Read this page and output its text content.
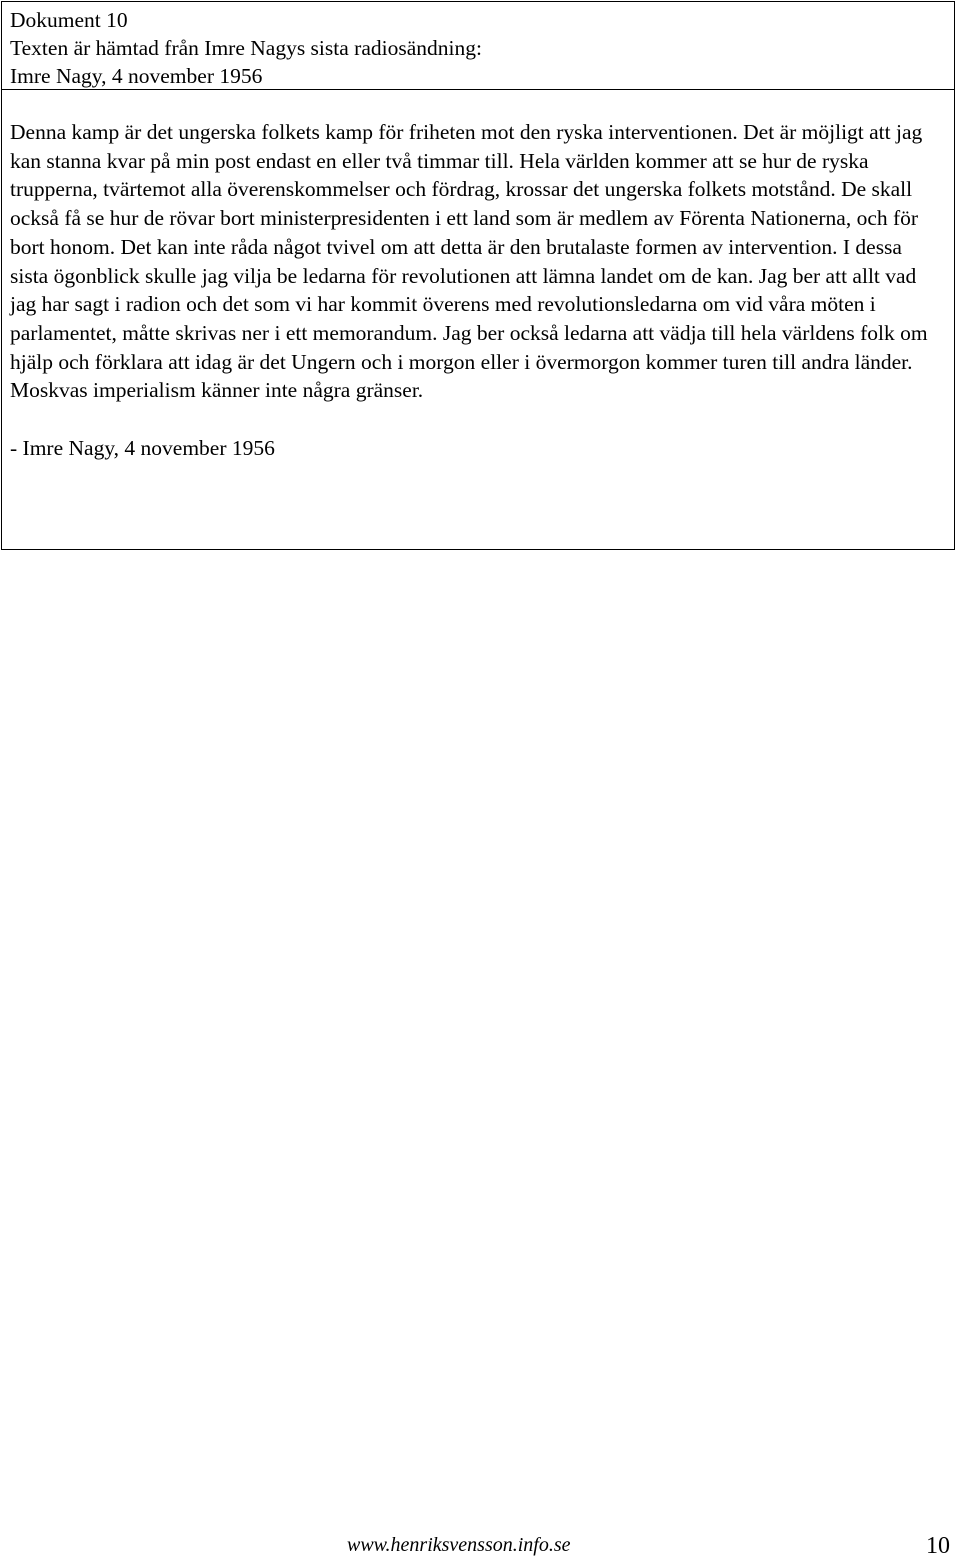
Dokument 10
Texten är hämtad från Imre Nagys sista radiosändning:
Imre Nagy, 4 november 1956

Denna kamp är det ungerska folkets kamp för friheten mot den ryska interventionen. Det är möjligt att jag kan stanna kvar på min post endast en eller två timmar till. Hela världen kommer att se hur de ryska trupperna, tvärtemot alla överenskommelser och fördrag, krossar det ungerska folkets motstånd. De skall också få se hur de rövar bort ministerpresidenten i ett land som är medlem av Förenta Nationerna, och för bort honom. Det kan inte råda något tvivel om att detta är den brutalaste formen av intervention. I dessa sista ögonblick skulle jag vilja be ledarna för revolutionen att lämna landet om de kan. Jag ber att allt vad jag har sagt i radion och det som vi har kommit överens med revolutionsledarna om vid våra möten i parlamentet, måtte skrivas ner i ett memorandum. Jag ber också ledarna att vädja till hela världens folk om hjälp och förklara att idag är det Ungern och i morgon eller i övermorgon kommer turen till andra länder. Moskvas imperialism känner inte några gränser.

- Imre Nagy, 4 november 1956

www.henriksvensson.info.se	10
